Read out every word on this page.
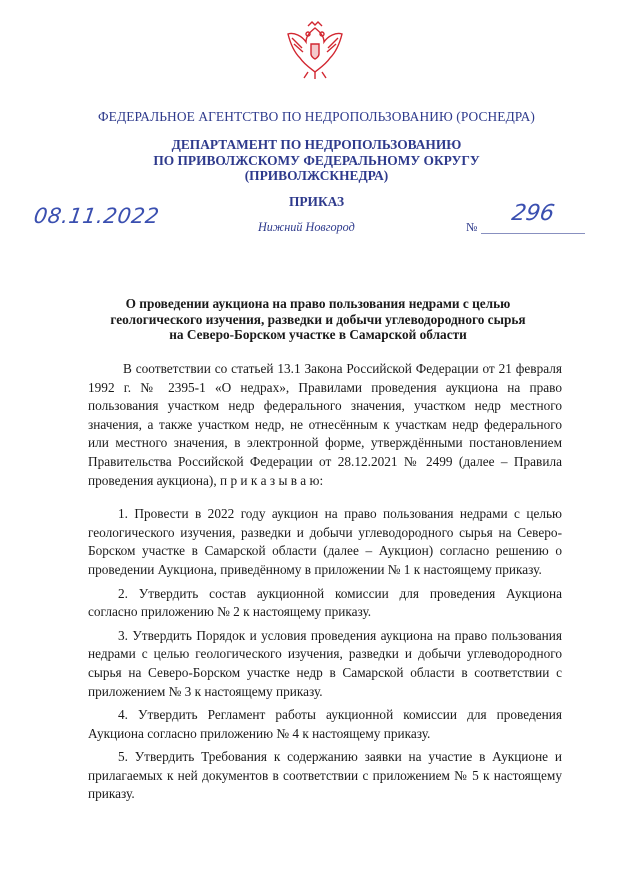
ФЕДЕРАЛЬНОЕ АГЕНТСТВО ПО НЕДРОПОЛЬЗОВАНИЮ (РОСНЕДРА)
ДЕПАРТАМЕНТ ПО НЕДРОПОЛЬЗОВАНИЮ
ПО ПРИВОЛЖСКОМУ ФЕДЕРАЛЬНОМУ ОКРУГУ
(ПРИВОЛЖСКНЕДРА)
ПРИКАЗ
08.11.2022	Нижний Новгород	№
296
О проведении аукциона на право пользования недрами с целью
геологического изучения, разведки и добычи углеводородного сырья
на Северо-Борском участке в Самарской области

В соответствии со статьей 13.1 Закона Российской Федерации от 21 февраля 1992 г. № 2395-1 «О недрах», Правилами проведения аукциона на право пользования участком недр федерального значения, участком недр местного значения, а также участком недр, не отнесённым к участкам недр федерального или местного значения, в электронной форме, утверждёнными постановлением Правительства Российской Федерации от 28.12.2021 № 2499 (далее – Правила проведения аукциона), п р и к а з ы в а ю:

1. Провести в 2022 году аукцион на право пользования недрами с целью геологического изучения, разведки и добычи углеводородного сырья на Северо-Борском участке в Самарской области (далее – Аукцион) согласно решению о проведении Аукциона, приведённому в приложении № 1 к настоящему приказу.
2. Утвердить состав аукционной комиссии для проведения Аукциона согласно приложению № 2 к настоящему приказу.
3. Утвердить Порядок и условия проведения аукциона на право пользования недрами с целью геологического изучения, разведки и добычи углеводородного сырья на Северо-Борском участке недр в Самарской области в соответствии с приложением № 3 к настоящему приказу.
4. Утвердить Регламент работы аукционной комиссии для проведения Аукциона согласно приложению № 4 к настоящему приказу.
5. Утвердить Требования к содержанию заявки на участие в Аукционе и прилагаемых к ней документов в соответствии с приложением № 5 к настоящему приказу.
